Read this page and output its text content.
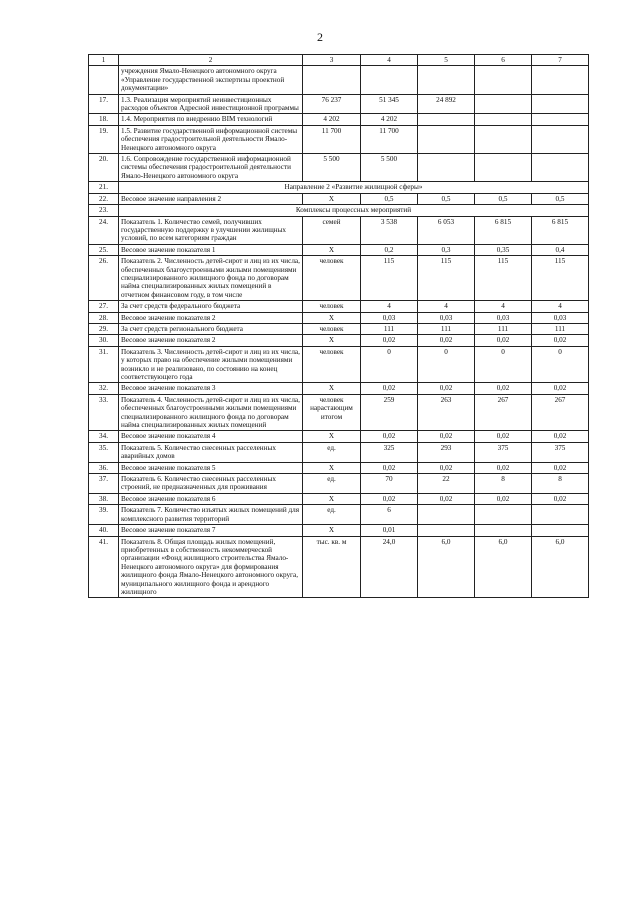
2
1	2	3	4	5	6	7
	учреждения Ямало-Ненецкого автономного округа «Управление государственной экспертизы проектной документации»					
17.	1.3. Реализация мероприятий неинвестиционных расходов объектов Адресной инвестиционной программы	76 237	51 345	24 892		
18.	1.4. Мероприятия по внедрению BIM технологий	4 202	4 202			
19.	1.5. Развитие государственной информационной системы обеспечения градостроительной деятельности Ямало-Ненецкого автономного округа	11 700	11 700			
20.	1.6. Сопровождение государственной информационной системы обеспечения градостроительной деятельности Ямало-Ненецкого автономного округа	5 500	5 500			
21.	Направление 2 «Развитие жилищной сферы»					
22.	Весовое значение направления 2	X	0,5	0,5	0,5	0,5
23.	Комплексы процессных мероприятий					
24.	Показатель 1. Количество семей, получивших государственную поддержку в улучшении жилищных условий, по всем категориям граждан	семей	3 538	6 053	6 815	6 815
25.	Весовое значение показателя 1	X	0,2	0,3	0,35	0,4
26.	Показатель 2. Численность детей-сирот и лиц из их числа, обеспеченных благоустроенными жилыми помещениями специализированного жилищного фонда по договорам найма специализированных жилых помещений в отчетном финансовом году, в том числе	человек	115	115	115	115
27.	За счет средств федерального бюджета	человек	4	4	4	4
28.	Весовое значение показателя 2	X	0,03	0,03	0,03	0,03
29.	За счет средств регионального бюджета	человек	111	111	111	111
30.	Весовое значение показателя 2	X	0,02	0,02	0,02	0,02
31.	Показатель 3. Численность детей-сирот и лиц из их числа, у которых право на обеспечение жилыми помещениями возникло и не реализовано, по состоянию на конец соответствующего года	человек	0	0	0	0
32.	Весовое значение показателя 3	X	0,02	0,02	0,02	0,02
33.	Показатель 4. Численность детей-сирот и лиц из их числа, обеспеченных благоустроенными жилыми помещениями специализированного жилищного фонда по договорам найма специализированных жилых помещений	человек нарастающим итогом	259	263	267	267
34.	Весовое значение показателя 4	X	0,02	0,02	0,02	0,02
35.	Показатель 5. Количество снесенных расселенных аварийных домов	ед.	325	293	375	375
36.	Весовое значение показателя 5	X	0,02	0,02	0,02	0,02
37.	Показатель 6. Количество снесенных расселенных строений, не предназначенных для проживания	ед.	70	22	8	8
38.	Весовое значение показателя 6	X	0,02	0,02	0,02	0,02
39.	Показатель 7. Количество изъятых жилых помещений для комплексного развития территорий	ед.	6			
40.	Весовое значение показателя 7	X	0,01			
41.	Показатель 8. Общая площадь жилых помещений, приобретенных в собственность некоммерческой организации «Фонд жилищного строительства Ямало-Ненецкого автономного округа» для формирования жилищного фонда Ямало-Ненецкого автономного округа, муниципального жилищного фонда и арендного жилищного	тыс. кв. м	24,0	6,0	6,0	6,0
